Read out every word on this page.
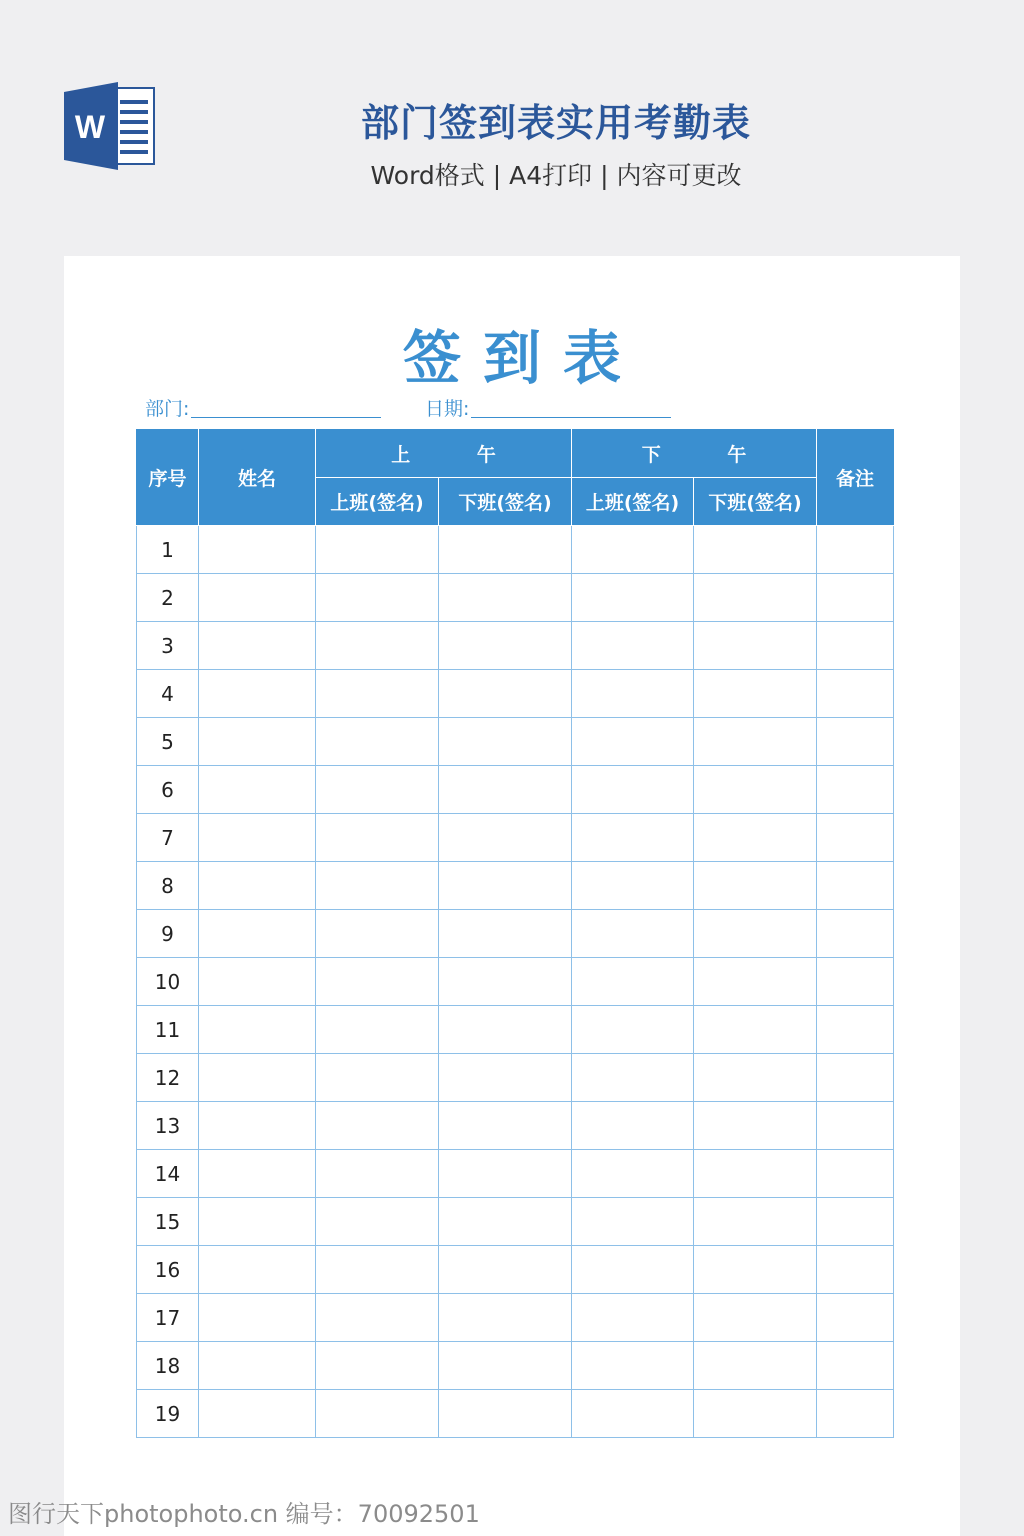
W	部门签到表实用考勤表
Word格式 | A4打印 | 内容可更改
签到表
部门:	日期:
序号	姓名	上 午		下 午		备注
		上班(签名)	下班(签名)	上班(签名)	下班(签名)	
1						
2						
3						
4						
5						
6						
7						
8						
9						
10						
11						
12						
13						
14						
15						
16						
17						
18						
19						
图行天下photophoto.cn 编号：70092501
